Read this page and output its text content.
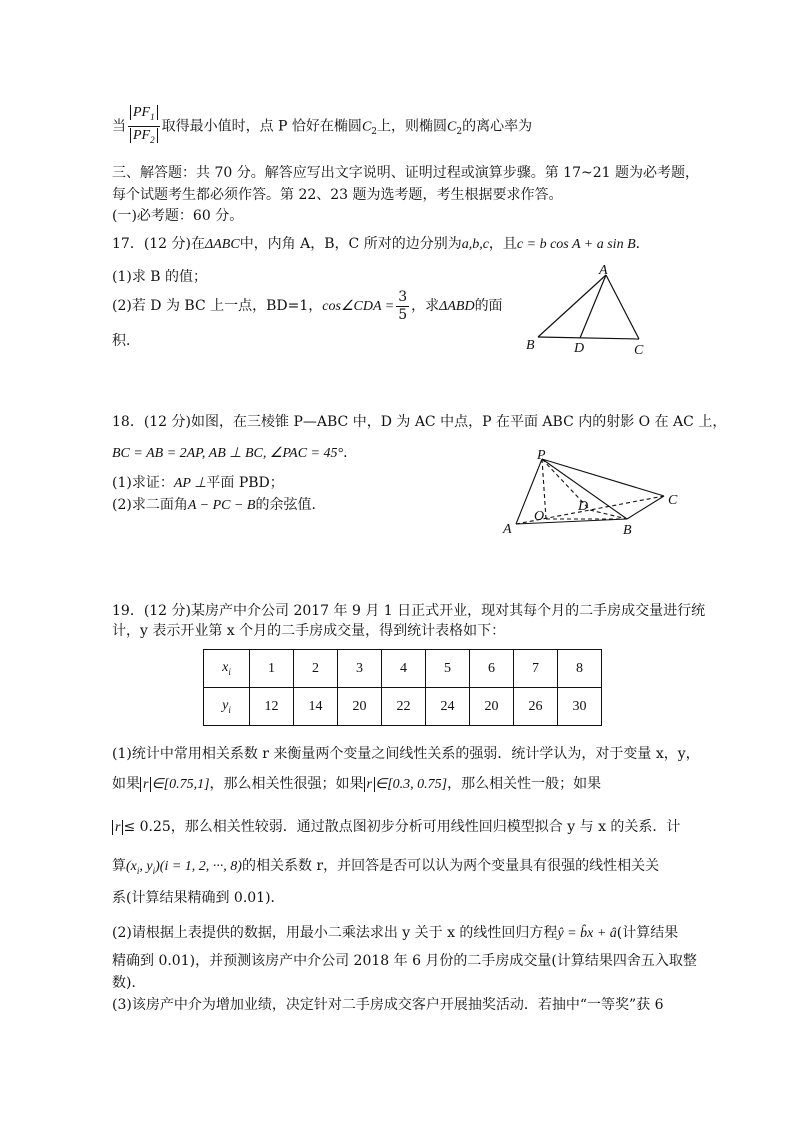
当 $\frac{PF_1}{PF_2}$ 取得最小值时，点 P 恰好在椭圆$C_2$上，则椭圆$C_2$的离心率为
三、解答题：共 70 分。解答应写出文字说明、证明过程或演算步骤。第 17~21 题为必考题，
每个试题考生都必须作答。第 22、23 题为选考题，考生根据要求作答。
(一)必考题：60 分。
17．(12 分)在ΔABC中，内角 A，B，C 所对的边分别为a,b,c，且c = b cos A + a sin B．
(1)求 B 的值；
(2)若 D 为 BC 上一点，BD=1，cos∠CDA = $\frac{3}{5}$ ，求ΔABD的面
积．
A
B	D	C
18．(12 分)如图，在三棱锥 P—ABC 中，D 为 AC 中点，P 在平面 ABC 内的射影 O 在 AC 上，
BC = AB = 2AP, AB ⊥ BC, ∠PAC = 45°．
(1)求证：AP ⊥平面 PBD；
(2)求二面角A − PC − B的余弦值．
P
C
D
O
A	B
19．(12 分)某房产中介公司 2017 年 9 月 1 日正式开业，现对其每个月的二手房成交量进行统
计，y 表示开业第 x 个月的二手房成交量，得到统计表格如下：
$x_i$	1	2	3	4	5	6	7	8
$y_i$	12	14	20	22	24	20	26	30
(1)统计中常用相关系数 r 来衡量两个变量之间线性关系的强弱．统计学认为，对于变量 x，y，
如果 r ∈[0.75,1]，那么相关性很强；如果 r ∈[0.3, 0.75]，那么相关性一般；如果
r ≤ 0.25，那么相关性较弱．通过散点图初步分析可用线性回归模型拟合 y 与 x 的关系．计
算($x_i$, $y_i)(i = 1$, 2, ···, 8)的相关系数 r，并回答是否可以认为两个变量具有很强的线性相关关
系(计算结果精确到 0.01)．
(2)请根据上表提供的数据，用最小二乘法求出 y 关于 x 的线性回归方程ŷ = b̂x + â(计算结果
精确到 0.01)，并预测该房产中介公司 2018 年 6 月份的二手房成交量(计算结果四舍五入取整
数)．
(3)该房产中介为增加业绩，决定针对二手房成交客户开展抽奖活动．若抽中“一等奖”获 6
